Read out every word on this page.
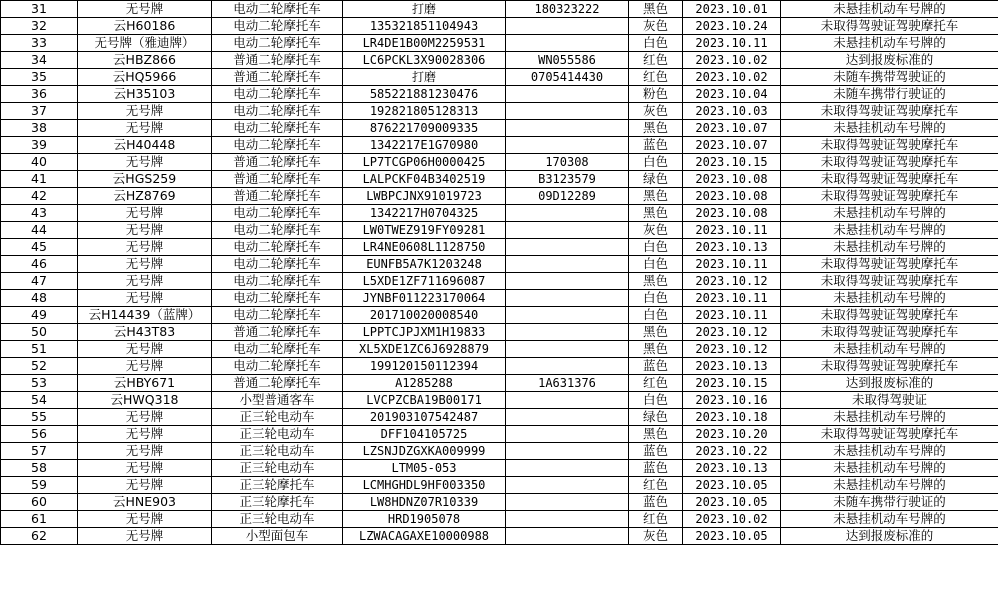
31	无号牌	电动二轮摩托车	打磨	180323222	黑色	2023.10.01	未悬挂机动车号牌的
32	云H60186	电动二轮摩托车	135321851104943		灰色	2023.10.24	未取得驾驶证驾驶摩托车
33	无号牌（雅迪牌）	电动二轮摩托车	LR4DE1B00M2259531		白色	2023.10.11	未悬挂机动车号牌的
34	云HBZ866	普通二轮摩托车	LC6PCKL3X90028306	WN055586	红色	2023.10.02	达到报废标准的
35	云HQ5966	普通二轮摩托车	打磨	0705414430	红色	2023.10.02	未随车携带驾驶证的
36	云H35103	电动二轮摩托车	585221881230476		粉色	2023.10.04	未随车携带行驶证的
37	无号牌	电动二轮摩托车	192821805128313		灰色	2023.10.03	未取得驾驶证驾驶摩托车
38	无号牌	电动二轮摩托车	876221709009335		黑色	2023.10.07	未悬挂机动车号牌的
39	云H40448	电动二轮摩托车	1342217E1G70980		蓝色	2023.10.07	未取得驾驶证驾驶摩托车
40	无号牌	普通二轮摩托车	LP7TCGP06H0000425	170308	白色	2023.10.15	未取得驾驶证驾驶摩托车
41	云HGS259	普通二轮摩托车	LALPCKF04B3402519	B3123579	绿色	2023.10.08	未取得驾驶证驾驶摩托车
42	云HZ8769	普通二轮摩托车	LWBPCJNX91019723	09D12289	黑色	2023.10.08	未取得驾驶证驾驶摩托车
43	无号牌	电动二轮摩托车	1342217H0704325		黑色	2023.10.08	未悬挂机动车号牌的
44	无号牌	电动二轮摩托车	LW0TWEZ919FY09281		灰色	2023.10.11	未悬挂机动车号牌的
45	无号牌	电动二轮摩托车	LR4NE0608L1128750		白色	2023.10.13	未悬挂机动车号牌的
46	无号牌	电动二轮摩托车	EUNFB5A7K1203248		白色	2023.10.11	未取得驾驶证驾驶摩托车
47	无号牌	电动二轮摩托车	L5XDE1ZF711696087		黑色	2023.10.12	未取得驾驶证驾驶摩托车
48	无号牌	电动二轮摩托车	JYNBF011223170064		白色	2023.10.11	未悬挂机动车号牌的
49	云H14439（蓝牌）	电动二轮摩托车	201710020008540		白色	2023.10.11	未取得驾驶证驾驶摩托车
50	云H43T83	普通二轮摩托车	LPPTCJPJXM1H19833		黑色	2023.10.12	未取得驾驶证驾驶摩托车
51	无号牌	电动二轮摩托车	XL5XDE1ZC6J6928879		黑色	2023.10.12	未悬挂机动车号牌的
52	无号牌	电动二轮摩托车	199120150112394		蓝色	2023.10.13	未取得驾驶证驾驶摩托车
53	云HBY671	普通二轮摩托车	A1285288	1A631376	红色	2023.10.15	达到报废标准的
54	云HWQ318	小型普通客车	LVCPZCBA19B00171		白色	2023.10.16	未取得驾驶证
55	无号牌	正三轮电动车	201903107542487		绿色	2023.10.18	未悬挂机动车号牌的
56	无号牌	正三轮电动车	DFF104105725		黑色	2023.10.20	未取得驾驶证驾驶摩托车
57	无号牌	正三轮电动车	LZSNJDZGXKA009999		蓝色	2023.10.22	未悬挂机动车号牌的
58	无号牌	正三轮电动车	LTM05-053		蓝色	2023.10.13	未悬挂机动车号牌的
59	无号牌	正三轮摩托车	LCMHGHDL9HF003350		红色	2023.10.05	未悬挂机动车号牌的
60	云HNE903	正三轮摩托车	LW8HDNZ07R10339		蓝色	2023.10.05	未随车携带行驶证的
61	无号牌	正三轮电动车	HRD1905078		红色	2023.10.02	未悬挂机动车号牌的
62	无号牌	小型面包车	LZWACAGAXE10000988		灰色	2023.10.05	达到报废标准的
